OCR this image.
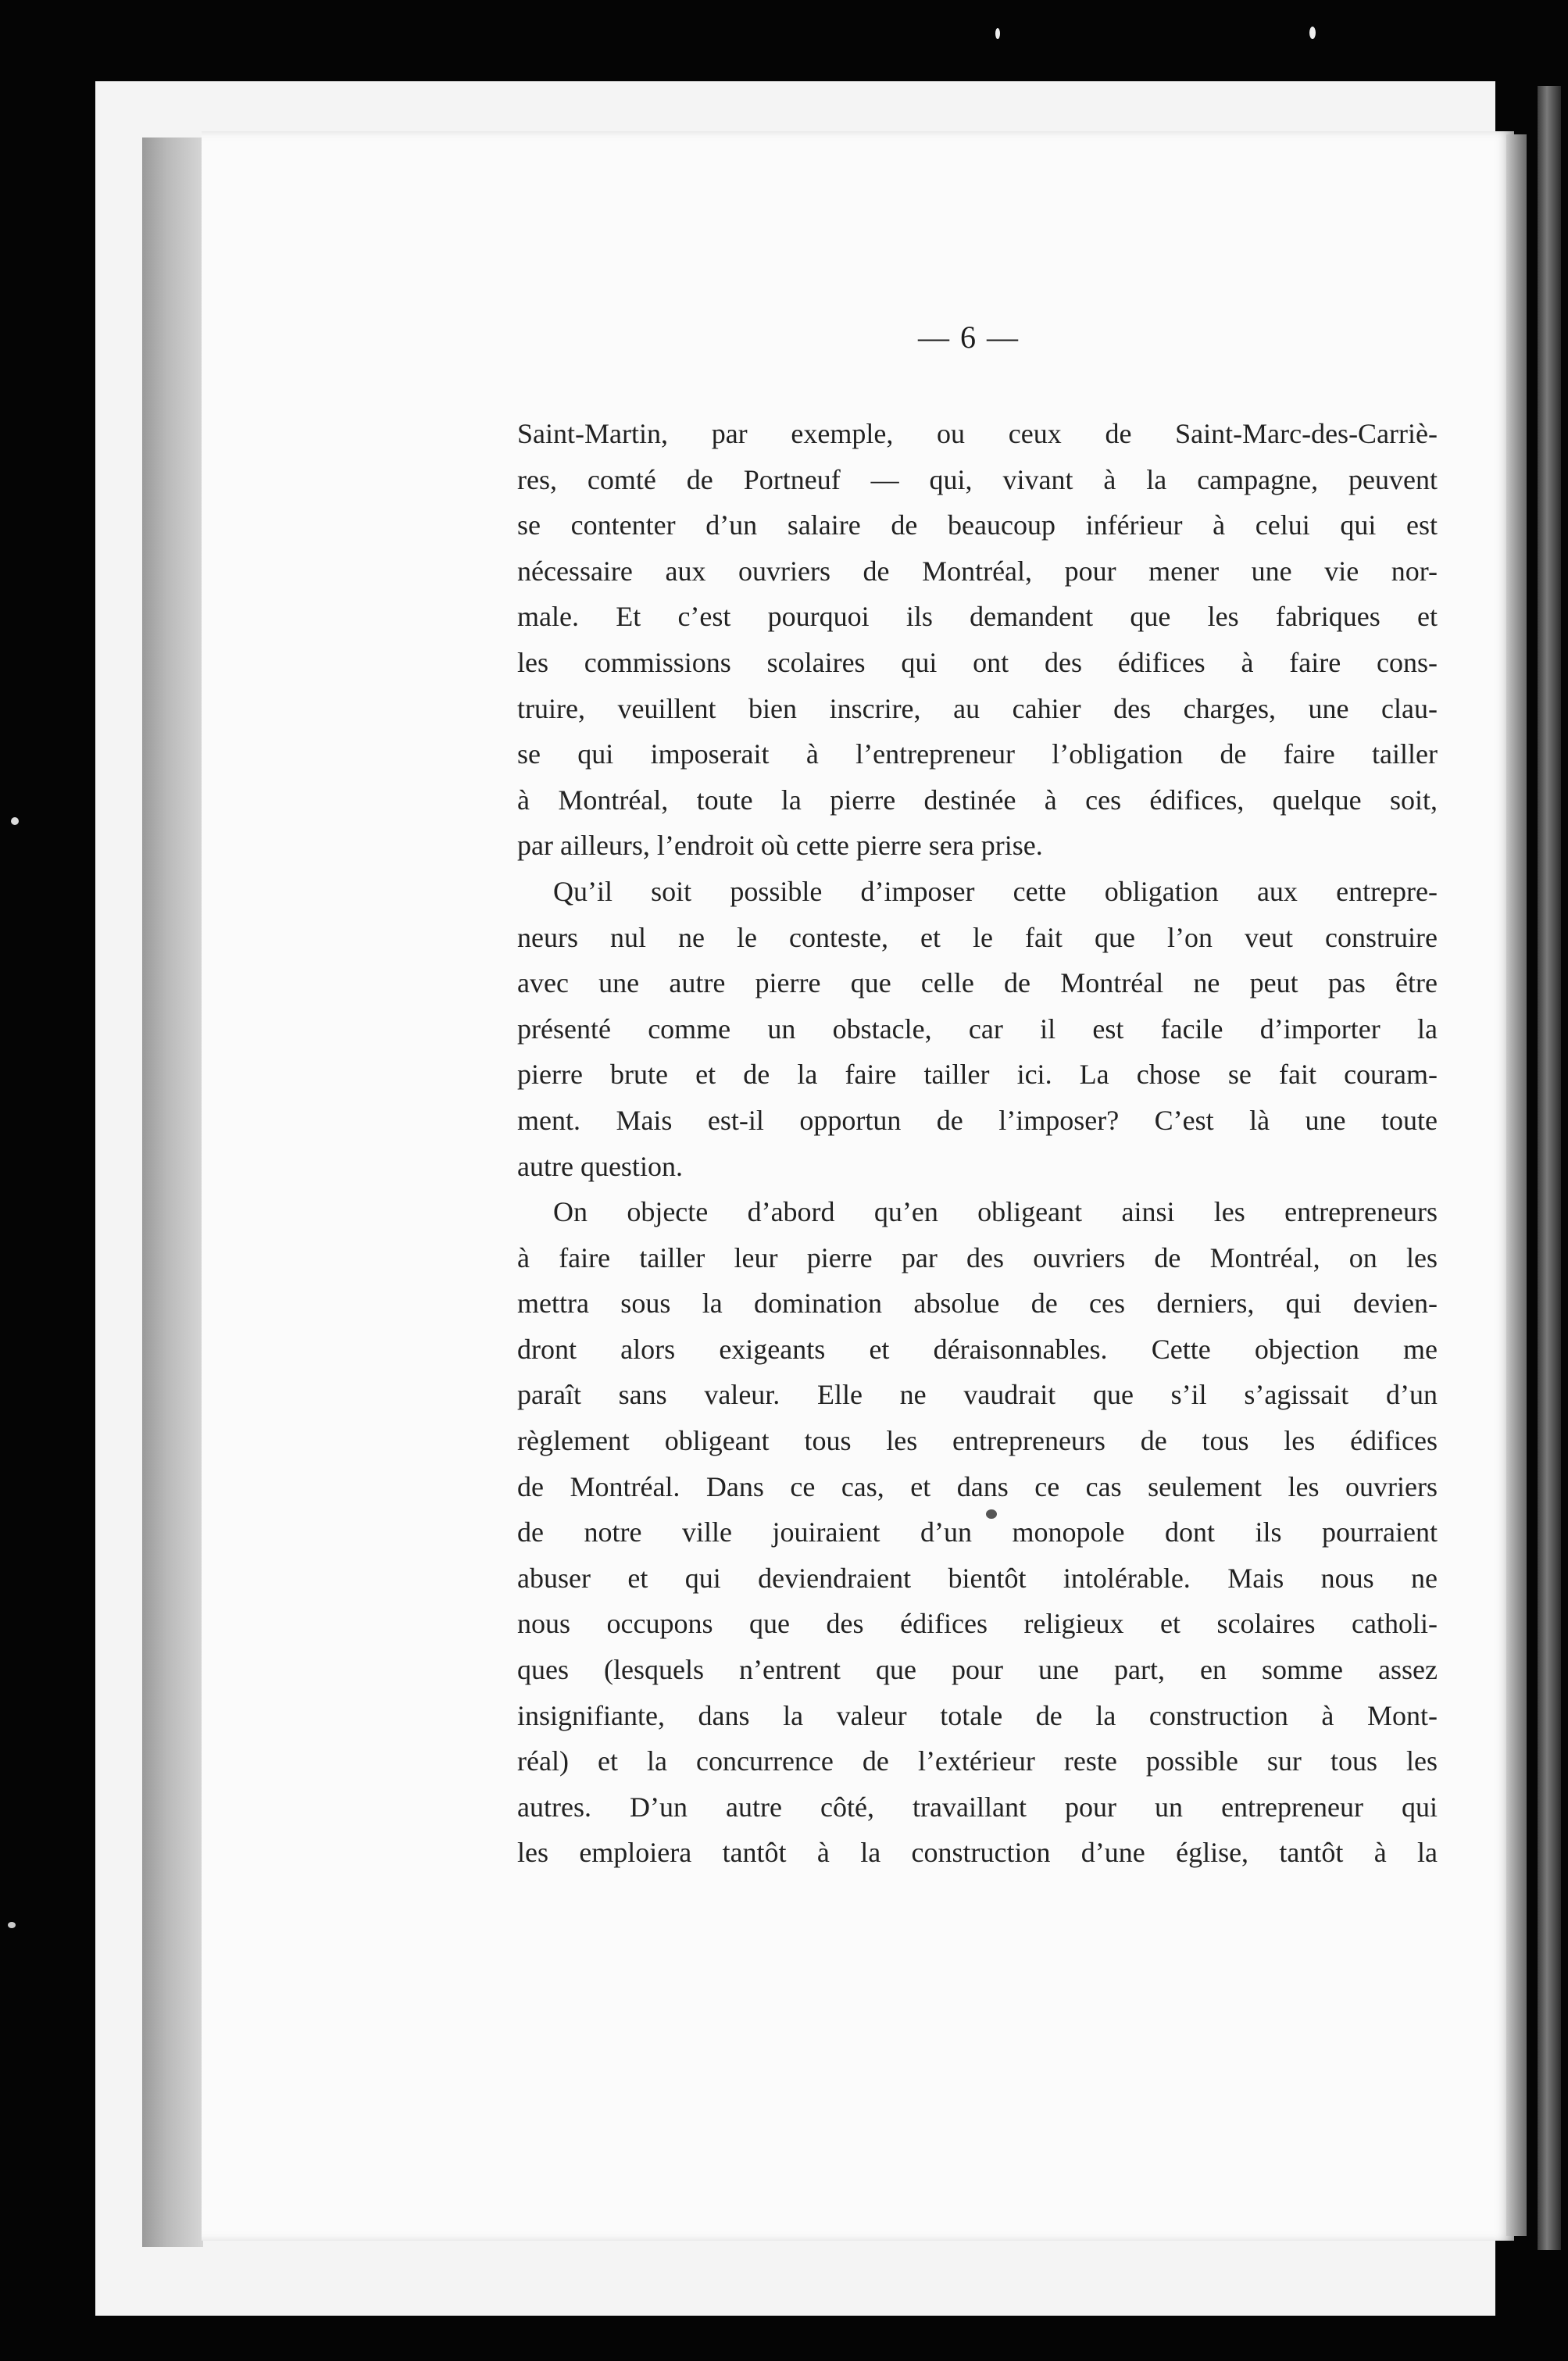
— 6 —
Saint-Martin, par exemple, ou ceux de Saint-Marc-des-Carriè-
res, comté de Portneuf — qui, vivant à la campagne, peuvent
se contenter d’un salaire de beaucoup inférieur à celui qui est
nécessaire aux ouvriers de Montréal, pour mener une vie nor-
male. Et c’est pourquoi ils demandent que les fabriques et
les commissions scolaires qui ont des édifices à faire cons-
truire, veuillent bien inscrire, au cahier des charges, une clau-
se qui imposerait à l’entrepreneur l’obligation de faire tailler
à Montréal, toute la pierre destinée à ces édifices, quelque soit,
par ailleurs, l’endroit où cette pierre sera prise.
Qu’il soit possible d’imposer cette obligation aux entrepre-
neurs nul ne le conteste, et le fait que l’on veut construire
avec une autre pierre que celle de Montréal ne peut pas être
présenté comme un obstacle, car il est facile d’importer la
pierre brute et de la faire tailler ici. La chose se fait couram-
ment. Mais est-il opportun de l’imposer? C’est là une toute
autre question.
On objecte d’abord qu’en obligeant ainsi les entrepreneurs
à faire tailler leur pierre par des ouvriers de Montréal, on les
mettra sous la domination absolue de ces derniers, qui devien-
dront alors exigeants et déraisonnables. Cette objection me
paraît sans valeur. Elle ne vaudrait que s’il s’agissait d’un
règlement obligeant tous les entrepreneurs de tous les édifices
de Montréal. Dans ce cas, et dans ce cas seulement les ouvriers
de notre ville jouiraient d’un monopole dont ils pourraient
abuser et qui deviendraient bientôt intolérable. Mais nous ne
nous occupons que des édifices religieux et scolaires catholi-
ques (lesquels n’entrent que pour une part, en somme assez
insignifiante, dans la valeur totale de la construction à Mont-
réal) et la concurrence de l’extérieur reste possible sur tous les
autres. D’un autre côté, travaillant pour un entrepreneur qui
les emploiera tantôt à la construction d’une église, tantôt à la
